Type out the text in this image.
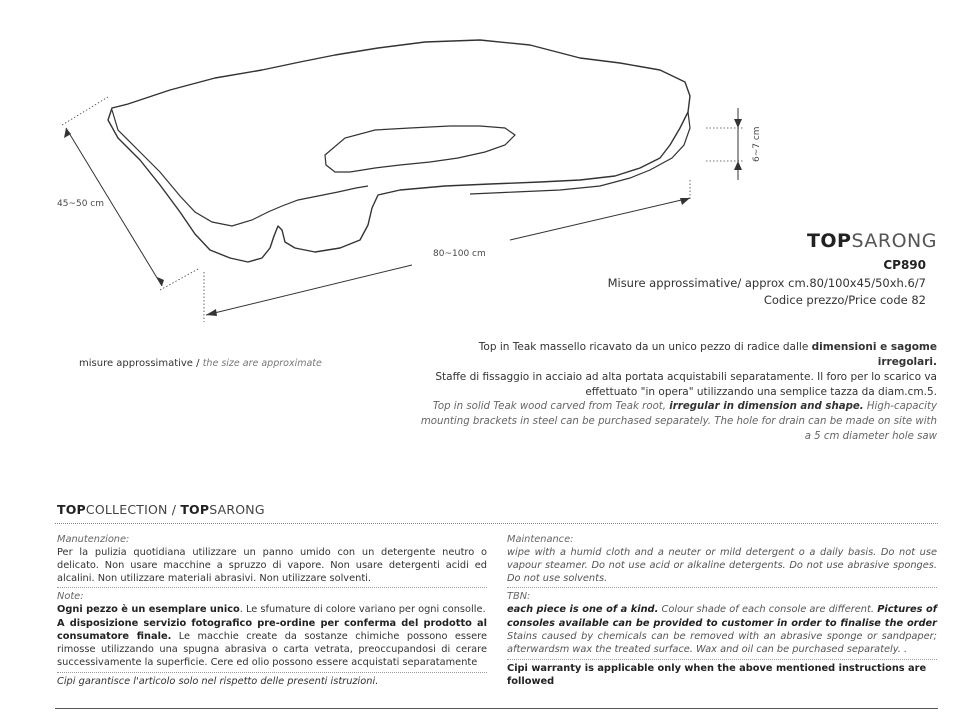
45~50 cm
80~100 cm
6~7 cm
TOPSARONG
CP890
Misure approssimative/ approx cm.80/100x45/50xh.6/7
Codice prezzo/Price code 82
misure approssimative / the size are approximate
Top in Teak massello ricavato da un unico pezzo di radice dalle dimensioni e sagome irregolari.
Staffe di fissaggio in acciaio ad alta portata acquistabili separatamente. Il foro per lo scarico va effettuato "in opera" utilizzando una semplice tazza da diam.cm.5.
Top in solid Teak wood carved from Teak root, irregular in dimension and shape. High-capacity mounting brackets in steel can be purchased separately. The hole for drain can be made on site with a 5 cm diameter hole saw
TOPCOLLECTION / TOPSARONG

Manutenzione:

Per la pulizia quotidiana utilizzare un panno umido con un detergente neutro o delicato. Non usare macchine a spruzzo di vapore. Non usare detergenti acidi ed alcalini. Non utilizzare materiali abrasivi. Non utilizzare solventi.

Note:

Ogni pezzo è un esemplare unico. Le sfumature di colore variano per ogni consolle.
A disposizione servizio fotografico pre-ordine per conferma del prodotto al consumatore finale. Le macchie create da sostanze chimiche possono essere rimosse utilizzando una spugna abrasiva o carta vetrata, preoccupandosi di cerare successivamente la superficie. Cere ed olio possono essere acquistati separatamente

Cipi garantisce l'articolo solo nel rispetto delle presenti istruzioni.

Maintenance:

wipe with a humid cloth and a neuter or mild detergent o a daily basis. Do not use vapour steamer. Do not use acid or alkaline detergents. Do not use abrasive sponges. Do not use solvents.

TBN:

each piece is one of a kind. Colour shade of each console are different. Pictures of consoles available can be provided to customer in order to finalise the order Stains caused by chemicals can be removed with an abrasive sponge or sandpaper; afterwardsm wax the treated surface. Wax and oil can be purchased separately. .

Cipi warranty is applicable only when the above mentioned instructions are followed
